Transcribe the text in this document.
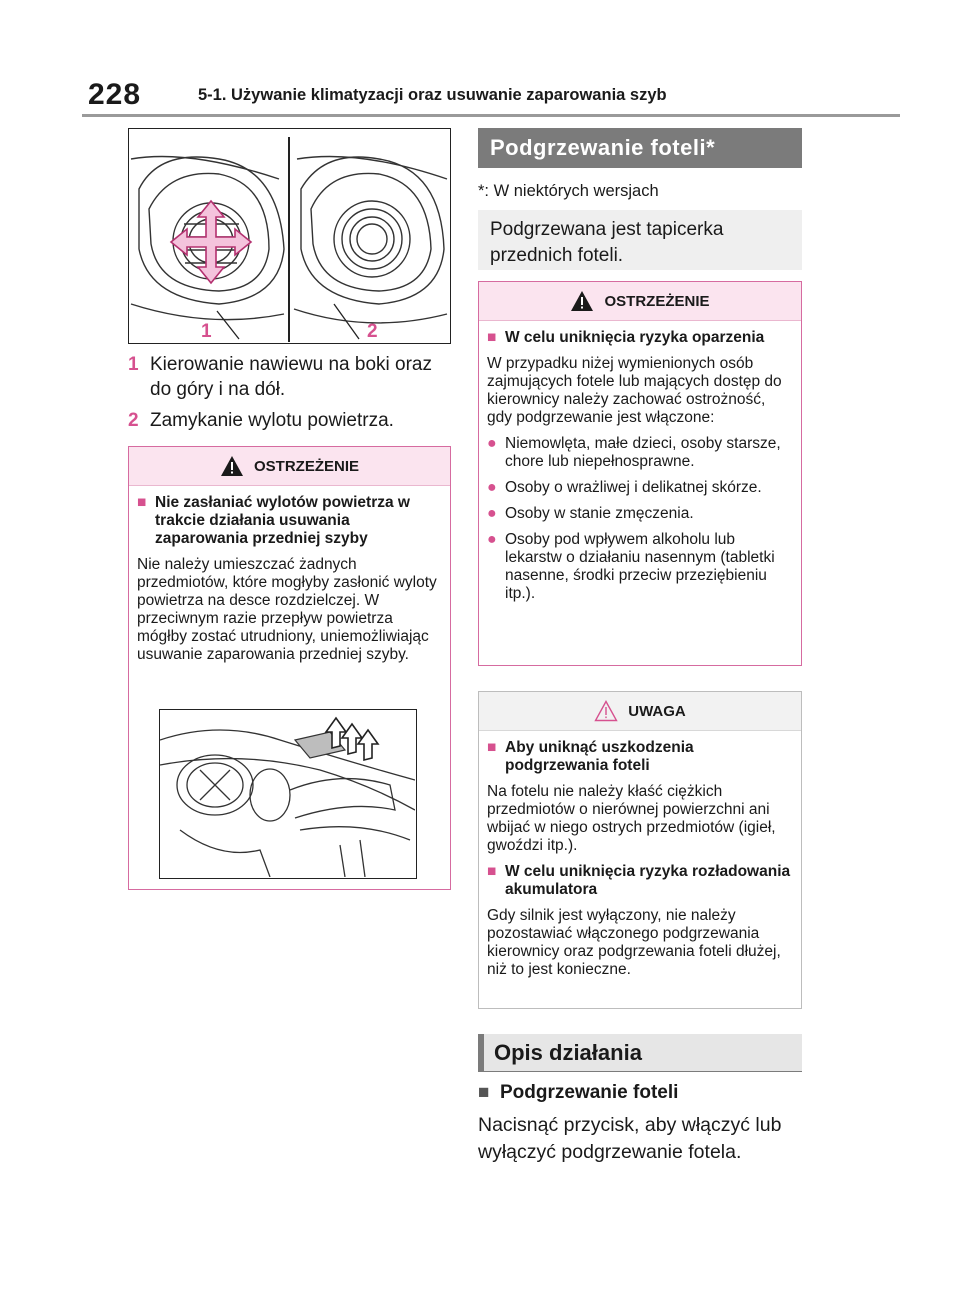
228	5-1. Używanie klimatyzacji oraz usuwanie zaparowania szyb
1	2
1 Kierowanie nawiewu na boki oraz do góry i na dół.
2 Zamykanie wylotu powietrza.
OSTRZEŻENIE
■ Nie zasłaniać wylotów powietrza w trakcie działania usuwania zaparowania przedniej szyby
Nie należy umieszczać żadnych przedmiotów, które mogłyby zasłonić wyloty powietrza na desce rozdzielczej. W przeciwnym razie przepływ powietrza mógłby zostać utrudniony, uniemożliwiając usuwanie zaparowania przedniej szyby.
Podgrzewanie foteli*
*: W niektórych wersjach
Podgrzewana jest tapicerka przednich foteli.
OSTRZEŻENIE
■ W celu uniknięcia ryzyka oparzenia
W przypadku niżej wymienionych osób zajmujących fotele lub mających dostęp do kierownicy należy zachować ostrożność, gdy podgrzewanie jest włączone:
● Niemowlęta, małe dzieci, osoby starsze, chore lub niepełnosprawne.
● Osoby o wrażliwej i delikatnej skórze.
● Osoby w stanie zmęczenia.
● Osoby pod wpływem alkoholu lub lekarstw o działaniu nasennym (tabletki nasenne, środki przeciw przeziębieniu itp.).
UWAGA
■ Aby uniknąć uszkodzenia podgrzewania foteli
Na fotelu nie należy kłaść ciężkich przedmiotów o nierównej powierzchni ani wbijać w niego ostrych przedmiotów (igieł, gwoździ itp.).
■ W celu uniknięcia ryzyka rozładowania akumulatora
Gdy silnik jest wyłączony, nie należy pozostawiać włączonego podgrzewania kierownicy oraz podgrzewania foteli dłużej, niż to jest konieczne.
Opis działania
■ Podgrzewanie foteli
Nacisnąć przycisk, aby włączyć lub wyłączyć podgrzewanie fotela.
